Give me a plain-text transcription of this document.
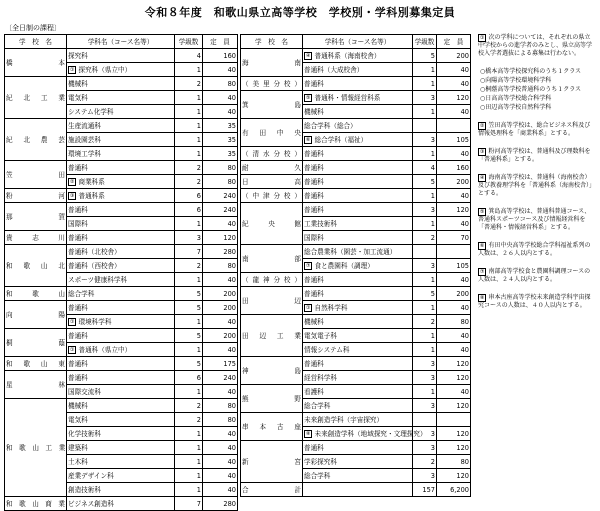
令和８年度　和歌山県立高等学校　学校別・学科別募集定員
〔全日制の課程〕
学　校　名	学科名（コース名等）	学級数	定　員
橋　　　　本	探究科	4	160
	① 探究科（県立中）	1	40
紀　北　工　業	機械科	2	80
	電気科	1	40
	システム化学科	1	40
紀　北　農　芸	生産流通科	1	35
	施設園芸科	1	35
	環境工学科	1	35
笠　　　　田	普通科	2	80
	② 商業科系	2	80
粉　　　　河	③ 普通科系	6	240
那　　　　賀	普通科	6	240
	国際科	1	40
貴　　志　　川	普通科	3	120
和　歌　山　北	普通科（北校舎）	7	280
	普通科（西校舎）	2	80
	スポーツ健康科学科	1	40
和　　歌　　山	総合学科	5	200
向　　　　陽	普通科	5	200
	① 環境科学科	1	40
桐　　　　蔭	普通科	5	200
	① 普通科（県立中）	1	40
和　歌　山　東	普通科	5	175
星　　　　林	普通科	6	240
	国際交流科	1	40
和　歌　山　工　業	機械科	2	80
	電気科	2	80
	化学技術科	1	40
	建築科	1	40
	土木科	1	40
	産業デザイン科	1	40
	創造技術科	1	40
和 歌 山 商 業	ビジネス創造科	7	280
学　校　名	学科名（コース名等）	学級数	定　員
海　　　　南	④ 普通科系（海南校舎）	5	200
	普通科（大成校舎）	1	40
（美里分校）	普通科	1	40
箕　　　　島	⑤ 普通科・情報経営科系	3	120
	機械科	1	40
有　田　中　央	総合学科（総合）		
	⑥ 総合学科（福祉）	3	105
（清水分校）	普通科	1	40
耐　　　　久	普通科	4	160
日　　　　高	普通科	5	200
（中津分校）	普通科	1	40
紀　　央　　館	普通科	3	120
	工業技術科	1	40
	国際科	2	70
南　　　　部	総合農業科（園芸・加工流通）		
	⑦ 食と農園科（調理）	3	105
（龍神分校）	普通科	1	40
田　　　　辺	普通科	5	200
	① 自然科学科	1	40
田　辺　工　業	機械科	2	80
	電気電子科	1	40
	情報システム科	1	40
神　　　　島	普通科	3	120
	経営科学科	3	120
熊　　　　野	看護科	1	40
	総合学科	3	120
串　本　古　座	未来創造学科（宇宙探究）		
	⑧ 未来創造学科（地域探究・文理探究）	3	120
新　　　　宮	普通科	3	120
	学彩探究科	2	80
	総合学科	3	120
合　　　　計		157	6,200
① 次の学科については、それぞれの県立中学校からの進学者のみとし、県立高等学校入学者選抜による募集は行わない。
○橋本高等学校探究科のうち１クラス
○向陽高等学校環境科学科
○桐蔭高等学校普通科のうち１クラス
○日高高等学校総合科学科
○田辺高等学校自然科学科
② 笠田高等学校は、総合ビジネス科及び情報処理科を「商業科系」とする。
③ 粉河高等学校は、普通科及び理数科を「普通科系」とする。
④ 海南高等学校は、普通科（海南校舎）及び教養理学科を「普通科系（海南校舎）」とする。
⑤ 箕島高等学校は、普通科普通コース、普通科スポーツコース及び情報経営科を「普通科・情報経営科系」とする。
⑥ 有田中央高等学校総合学科福祉系列の人数は、２６人以内とする。
⑦ 南部高等学校食と農園科調理コースの人数は、２４人以内とする。
⑧ 串本古座高等学校未来創造学科宇宙探究コースの人数は、４０人以内とする。
